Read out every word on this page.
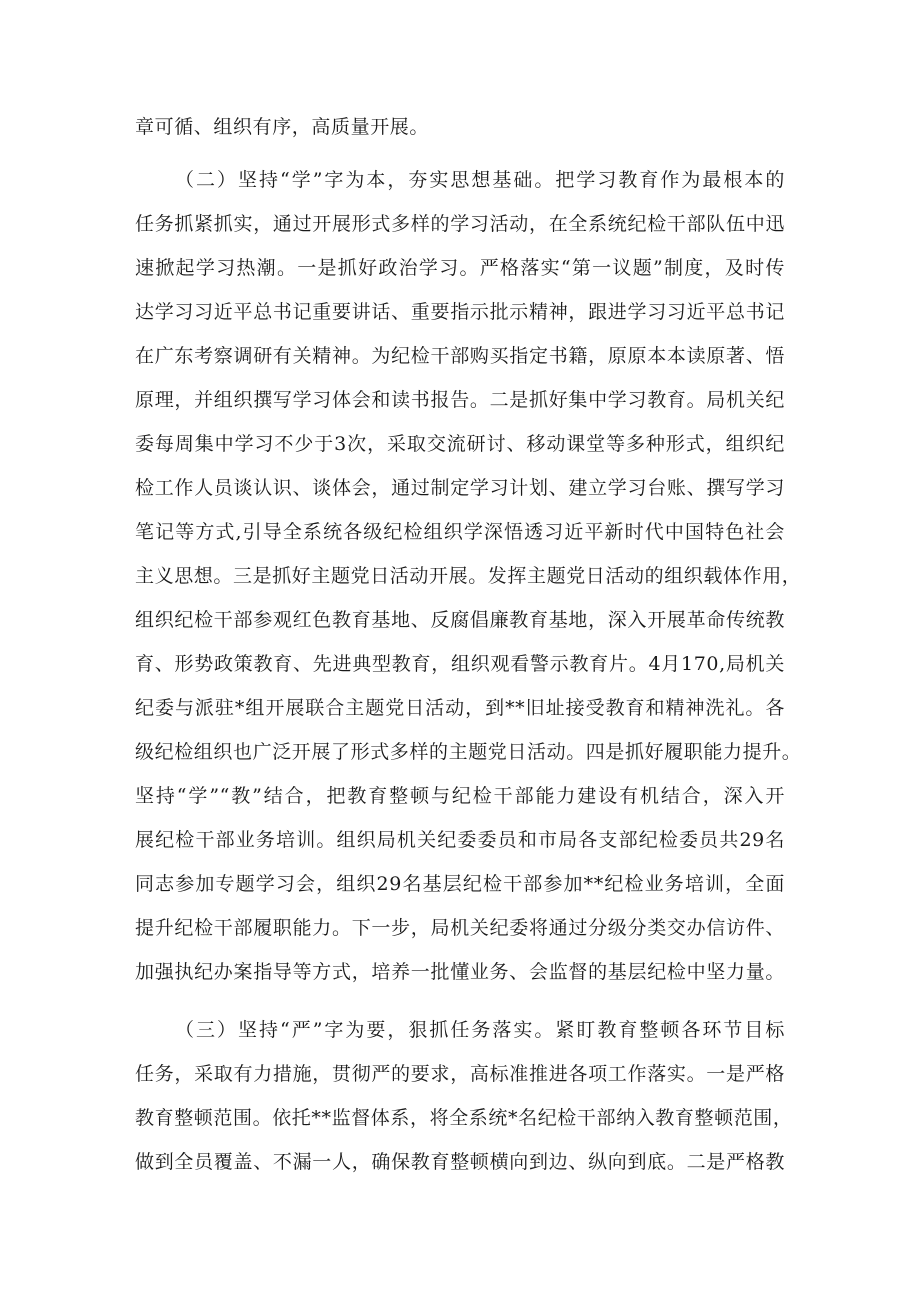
章可循、组织有序，高质量开展。
（二）坚持“学”字为本，夯实思想基础。把学习教育作为最根本的
任务抓紧抓实，通过开展形式多样的学习活动，在全系统纪检干部队伍中迅
速掀起学习热潮。一是抓好政治学习。严格落实“第一议题”制度，及时传
达学习习近平总书记重要讲话、重要指示批示精神，跟进学习习近平总书记
在广东考察调研有关精神。为纪检干部购买指定书籍，原原本本读原著、悟
原理，并组织撰写学习体会和读书报告。二是抓好集中学习教育。局机关纪
委每周集中学习不少于3次，采取交流研讨、移动课堂等多种形式，组织纪
检工作人员谈认识、谈体会，通过制定学习计划、建立学习台账、撰写学习
笔记等方式,引导全系统各级纪检组织学深悟透习近平新时代中国特色社会
主义思想。三是抓好主题党日活动开展。发挥主题党日活动的组织载体作用，
组织纪检干部参观红色教育基地、反腐倡廉教育基地，深入开展革命传统教
育、形势政策教育、先进典型教育，组织观看警示教育片。4月170,局机关
纪委与派驻*组开展联合主题党日活动，到**旧址接受教育和精神洗礼。各
级纪检组织也广泛开展了形式多样的主题党日活动。四是抓好履职能力提升。
坚持“学”“教”结合，把教育整顿与纪检干部能力建设有机结合，深入开
展纪检干部业务培训。组织局机关纪委委员和市局各支部纪检委员共29名
同志参加专题学习会，组织29名基层纪检干部参加**纪检业务培训，全面
提升纪检干部履职能力。下一步，局机关纪委将通过分级分类交办信访件、
加强执纪办案指导等方式，培养一批懂业务、会监督的基层纪检中坚力量。
（三）坚持“严”字为要，狠抓任务落实。紧盯教育整顿各环节目标
任务，采取有力措施，贯彻严的要求，高标准推进各项工作落实。一是严格
教育整顿范围。依托**监督体系，将全系统*名纪检干部纳入教育整顿范围，
做到全员覆盖、不漏一人，确保教育整顿横向到边、纵向到底。二是严格教
